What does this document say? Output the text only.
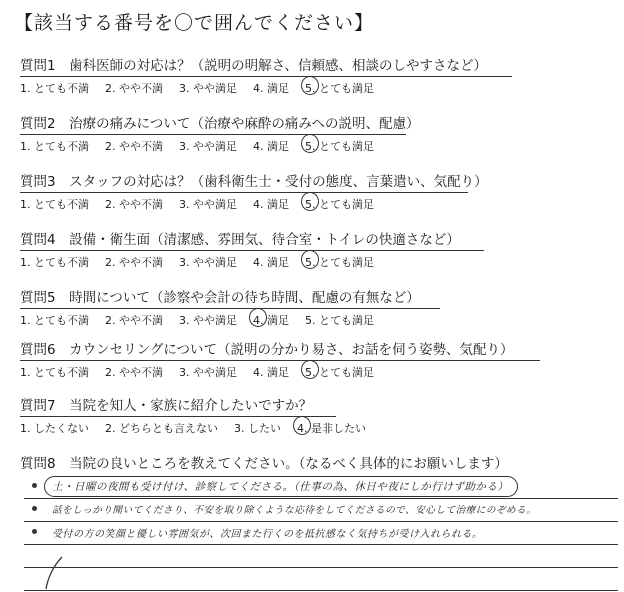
【該当する番号を〇で囲んでください】
質問1　歯科医師の対応は？（説明の明解さ、信頼感、相談のしやすさなど）
1. とても不満 2. やや不満 3. やや満足 4. 満足 5. とても満足
質問2　治療の痛みについて（治療や麻酔の痛みへの説明、配慮）
1. とても不満 2. やや不満 3. やや満足 4. 満足 5. とても満足
質問3　スタッフの対応は？（歯科衛生士・受付の態度、言葉遣い、気配り）
1. とても不満 2. やや不満 3. やや満足 4. 満足 5. とても満足
質問4　設備・衛生面（清潔感、雰囲気、待合室・トイレの快適さなど）
1. とても不満 2. やや不満 3. やや満足 4. 満足 5. とても満足
質問5　時間について（診察や会計の待ち時間、配慮の有無など）
1. とても不満 2. やや不満 3. やや満足 4. 満足 5. とても満足
質問6　カウンセリングについて（説明の分かり易さ、お話を伺う姿勢、気配り）
1. とても不満 2. やや不満 3. やや満足 4. 満足 5. とても満足
質問7　当院を知人・家族に紹介したいですか？
1. したくない 2. どちらとも言えない 3. したい 4. 是非したい
質問8　当院の良いところを教えてください。（なるべく具体的にお願いします）
土・日曜の夜間も受け付け、診察してくださる。（仕事の為、休日や夜にしか行けず助かる）
話をしっかり聞いてくださり、不安を取り除くような応待をしてくださるので、安心して治療にのぞめる。
受付の方の笑顔と優しい雰囲気が、次回また行くのを抵抗感なく気持ちが受け入れられる。
